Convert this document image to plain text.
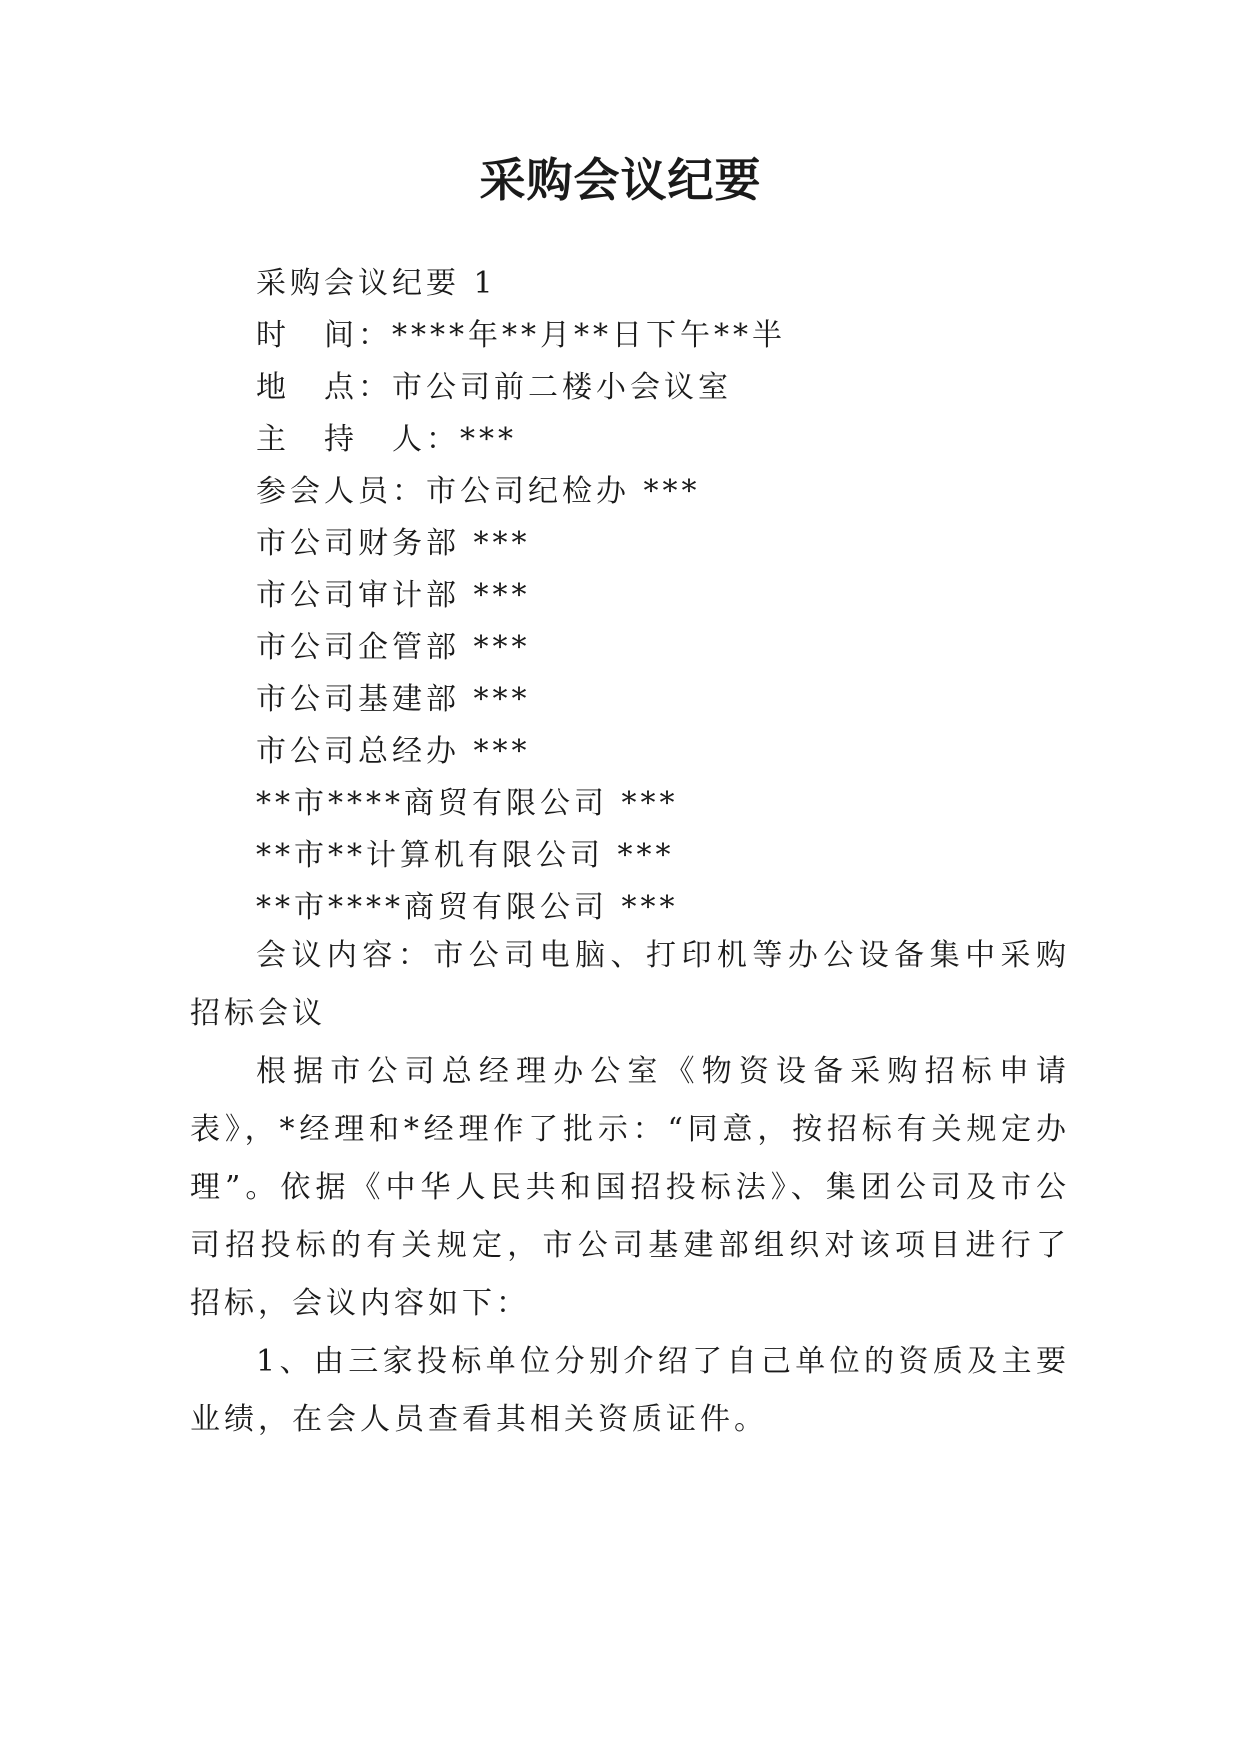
采购会议纪要
采购会议纪要 1
时　间：****年**月**日下午**半
地　点：市公司前二楼小会议室
主　持　人：***
参会人员：市公司纪检办 ***
市公司财务部 ***
市公司审计部 ***
市公司企管部 ***
市公司基建部 ***
市公司总经办 ***
**市****商贸有限公司 ***
**市**计算机有限公司 ***
**市****商贸有限公司 ***
会议内容：市公司电脑、打印机等办公设备集中采购招标会议
根据市公司总经理办公室《物资设备采购招标申请表》，*经理和*经理作了批示：“同意，按招标有关规定办理”。依据《中华人民共和国招投标法》、集团公司及市公司招投标的有关规定，市公司基建部组织对该项目进行了招标，会议内容如下：
1、由三家投标单位分别介绍了自己单位的资质及主要业绩，在会人员查看其相关资质证件。
